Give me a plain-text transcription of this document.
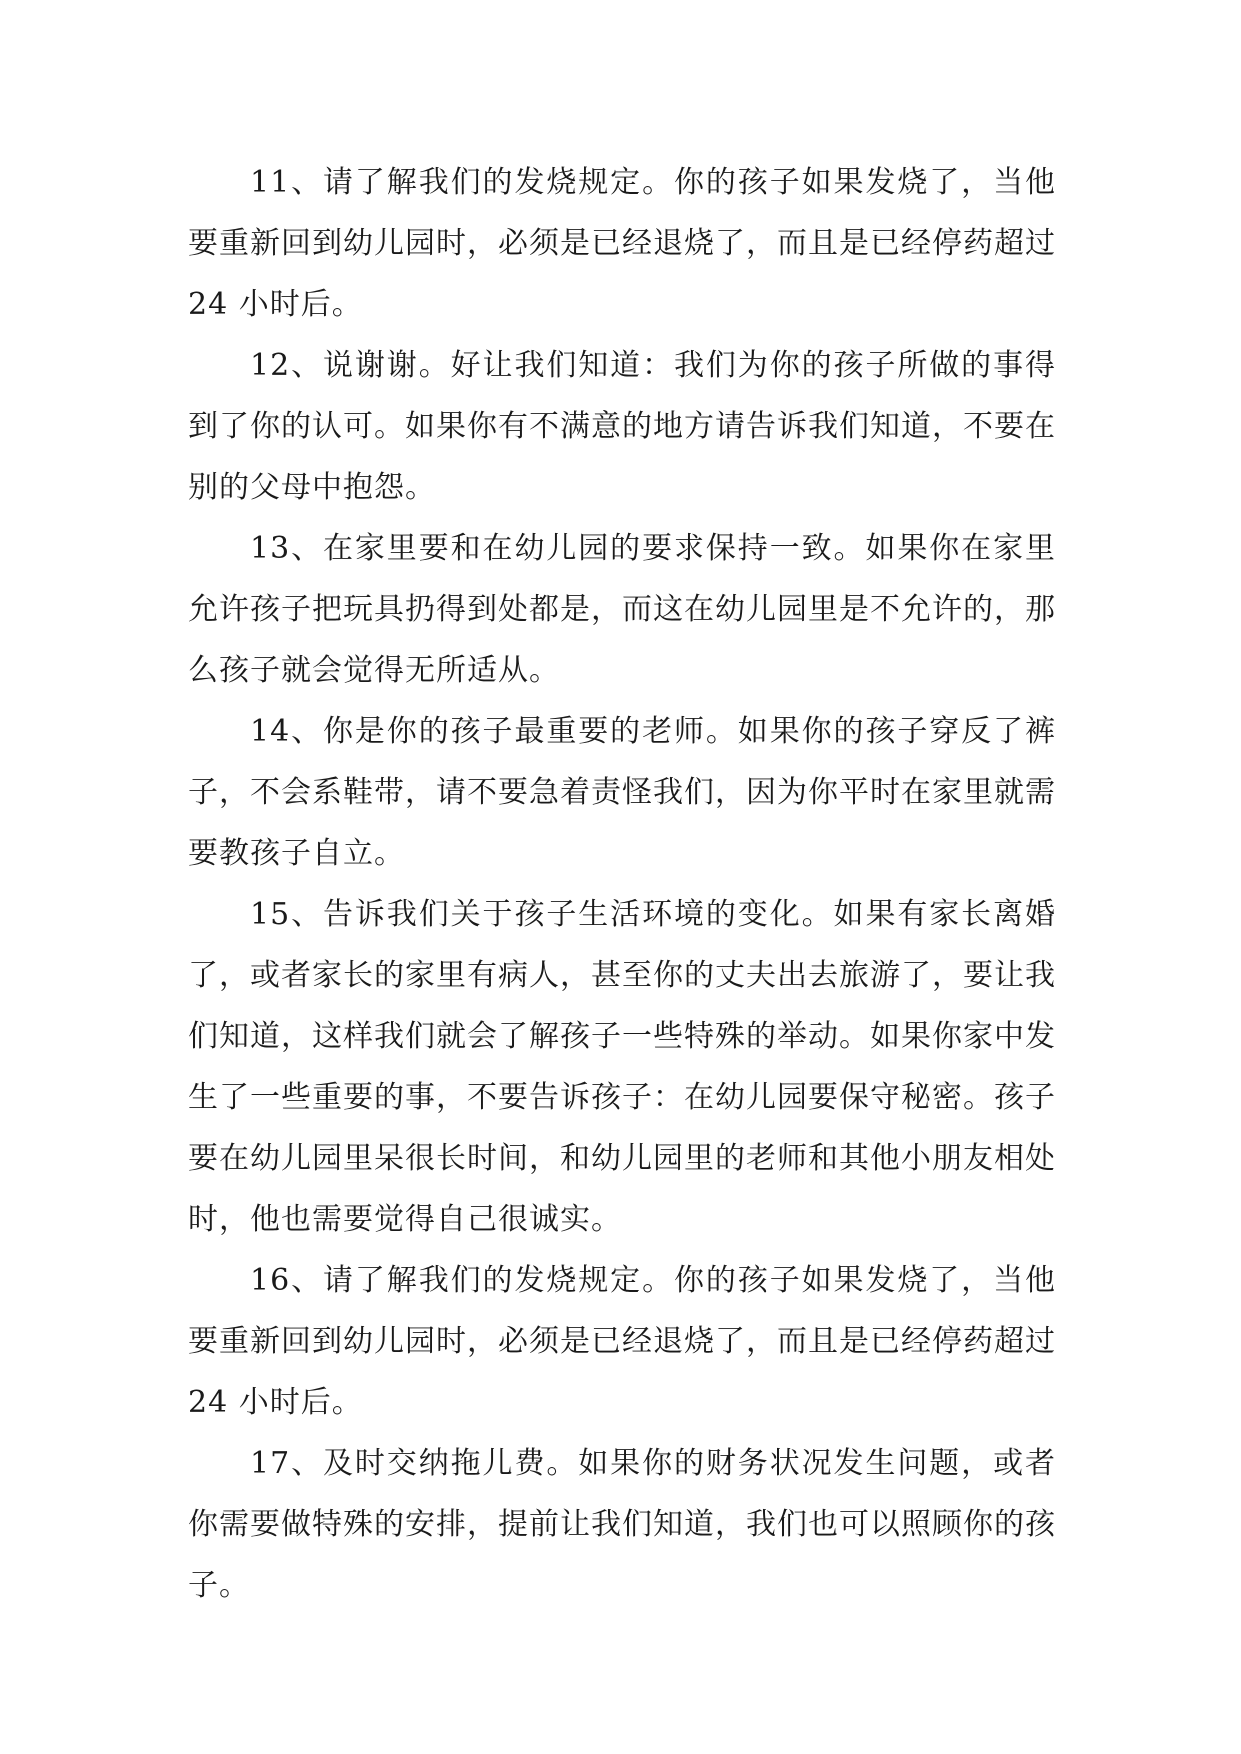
11、请了解我们的发烧规定。你的孩子如果发烧了，当他要重新回到幼儿园时，必须是已经退烧了，而且是已经停药超过 24 小时后。

12、说谢谢。好让我们知道：我们为你的孩子所做的事得到了你的认可。如果你有不满意的地方请告诉我们知道，不要在别的父母中抱怨。

13、在家里要和在幼儿园的要求保持一致。如果你在家里允许孩子把玩具扔得到处都是，而这在幼儿园里是不允许的，那么孩子就会觉得无所适从。

14、你是你的孩子最重要的老师。如果你的孩子穿反了裤子，不会系鞋带，请不要急着责怪我们，因为你平时在家里就需要教孩子自立。

15、告诉我们关于孩子生活环境的变化。如果有家长离婚了，或者家长的家里有病人，甚至你的丈夫出去旅游了，要让我们知道，这样我们就会了解孩子一些特殊的举动。如果你家中发生了一些重要的事，不要告诉孩子：在幼儿园要保守秘密。孩子要在幼儿园里呆很长时间，和幼儿园里的老师和其他小朋友相处时，他也需要觉得自己很诚实。

16、请了解我们的发烧规定。你的孩子如果发烧了，当他要重新回到幼儿园时，必须是已经退烧了，而且是已经停药超过 24 小时后。

17、及时交纳拖儿费。如果你的财务状况发生问题，或者你需要做特殊的安排，提前让我们知道，我们也可以照顾你的孩子。
